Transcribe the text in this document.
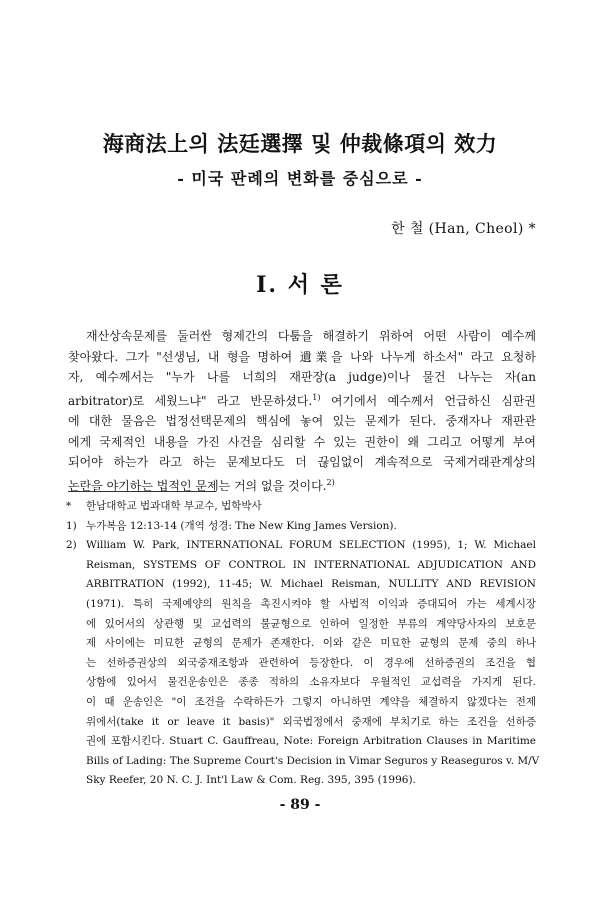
海商法上의 法廷選擇 및 仲裁條項의 效力
- 미국 판례의 변화를 중심으로 -
한 철 (Han, Cheol) *
I. 서 론
재산상속문제를 둘러싼 형제간의 다툼을 해결하기 위하여 어떤 사람이 예수께
찾아왔다. 그가 "선생님, 내 형을 명하여 遺業을 나와 나누게 하소서" 라고 요청하
자, 예수께서는 "누가 나를 너희의 재판장(a judge)이나 물건 나누는 자(an
arbitrator)로 세웠느냐" 라고 반문하셨다.$^{1)}$ 여기에서 예수께서 언급하신 심판권
에 대한 물음은 법정선택문제의 핵심에 놓여 있는 문제가 된다. 중재자나 재판관
에게 국제적인 내용을 가진 사건을 심리할 수 있는 권한이 왜 그리고 어떻게 부여
되어야 하는가 라고 하는 문제보다도 더 끊임없이 계속적으로 국제거래관계상의
논란을 야기하는 법적인 문제는 거의 없을 것이다.$^{2)}$
*	한남대학교 법과대학 부교수, 법학박사
1) 누가복음 12:13-14 (개역 성경: The New King James Version).
2) William W. Park, INTERNATIONAL FORUM SELECTION (1995), 1; W. Michael
Reisman, SYSTEMS OF CONTROL IN INTERNATIONAL ADJUDICATION AND
ARBITRATION (1992), 11-45; W. Michael Reisman, NULLITY AND REVISION
(1971). 특히 국제예양의 원칙을 촉진시켜야 할 사법적 이익과 증대되어 가는 세계시장
에 있어서의 상관행 및 교섭력의 불균형으로 인하여 일정한 부류의 계약당사자의 보호문
제 사이에는 미묘한 균형의 문제가 존재한다. 이와 같은 미묘한 균형의 문제 중의 하나
는 선하증권상의 외국중재조항과 관련하여 등장한다. 이 경우에 선하증권의 조건을 협
상함에 있어서 물건운송인은 종종 적하의 소유자보다 우월적인 교섭력을 가지게 된다.
이 때 운송인은 "이 조건을 수락하든가 그렇지 아니하면 계약을 체결하지 않겠다는 전제
위에서(take it or leave it basis)" 외국법정에서 중재에 부치기로 하는 조건을 선하증
권에 포함시킨다. Stuart C. Gauffreau, Note: Foreign Arbitration Clauses in Maritime
Bills of Lading: The Supreme Court's Decision in Vimar Seguros y Reaseguros v. M/V
Sky Reefer, 20 N. C. J. Int'l Law & Com. Reg. 395, 395 (1996).
- 89 -
